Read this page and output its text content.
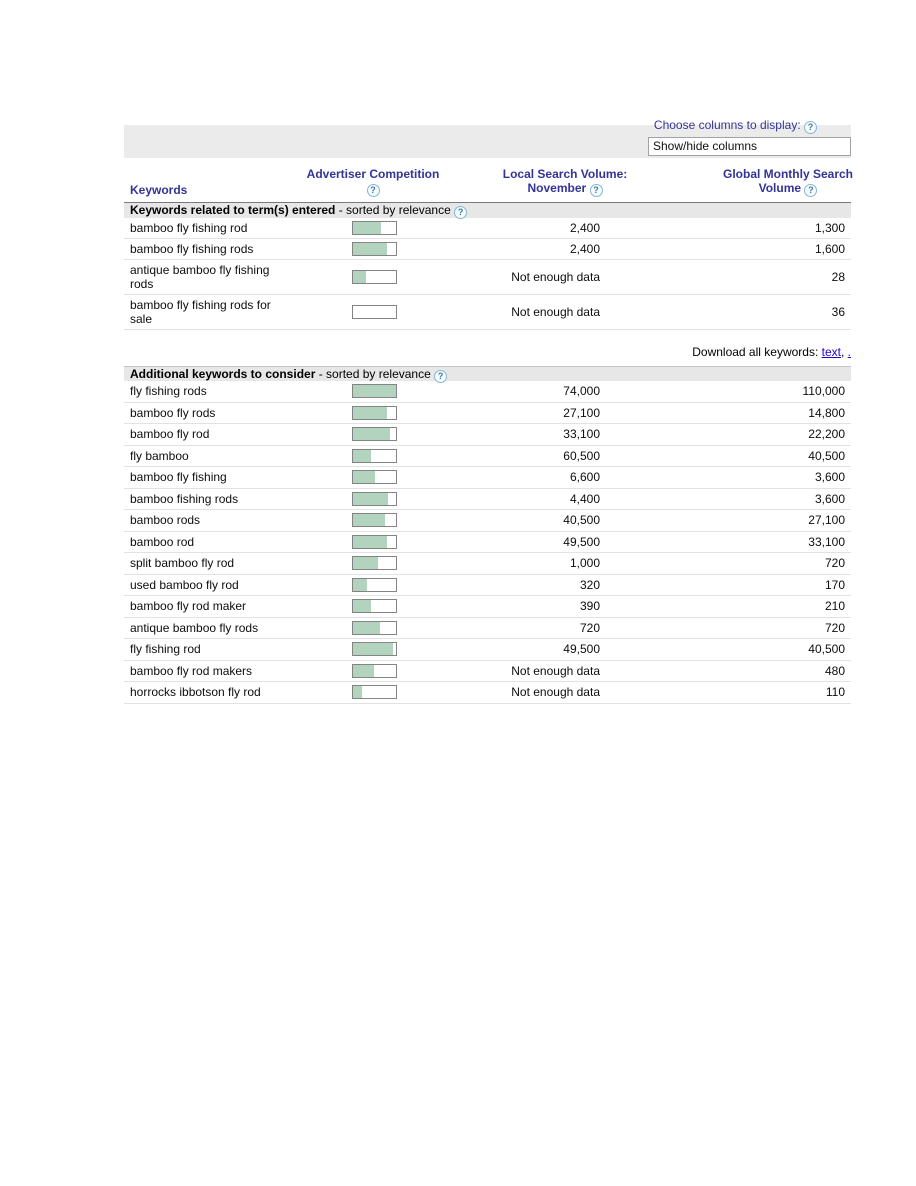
Choose columns to display: ?
Show/hide columns
Keywords
Advertiser Competition
?
Local Search Volume:
November ?
Global Monthly Search
Volume ?
Keywords related to term(s) entered - sorted by relevance ?
bamboo fly fishing rod	2,400	1,300
bamboo fly fishing rods	2,400	1,600
antique bamboo fly fishing rods	Not enough data	28
bamboo fly fishing rods for sale	Not enough data	36
Download all keywords: text, .
Additional keywords to consider - sorted by relevance ?
fly fishing rods	74,000	110,000
bamboo fly rods	27,100	14,800
bamboo fly rod	33,100	22,200
fly bamboo	60,500	40,500
bamboo fly fishing	6,600	3,600
bamboo fishing rods	4,400	3,600
bamboo rods	40,500	27,100
bamboo rod	49,500	33,100
split bamboo fly rod	1,000	720
used bamboo fly rod	320	170
bamboo fly rod maker	390	210
antique bamboo fly rods	720	720
fly fishing rod	49,500	40,500
bamboo fly rod makers	Not enough data	480
horrocks ibbotson fly rod	Not enough data	110
